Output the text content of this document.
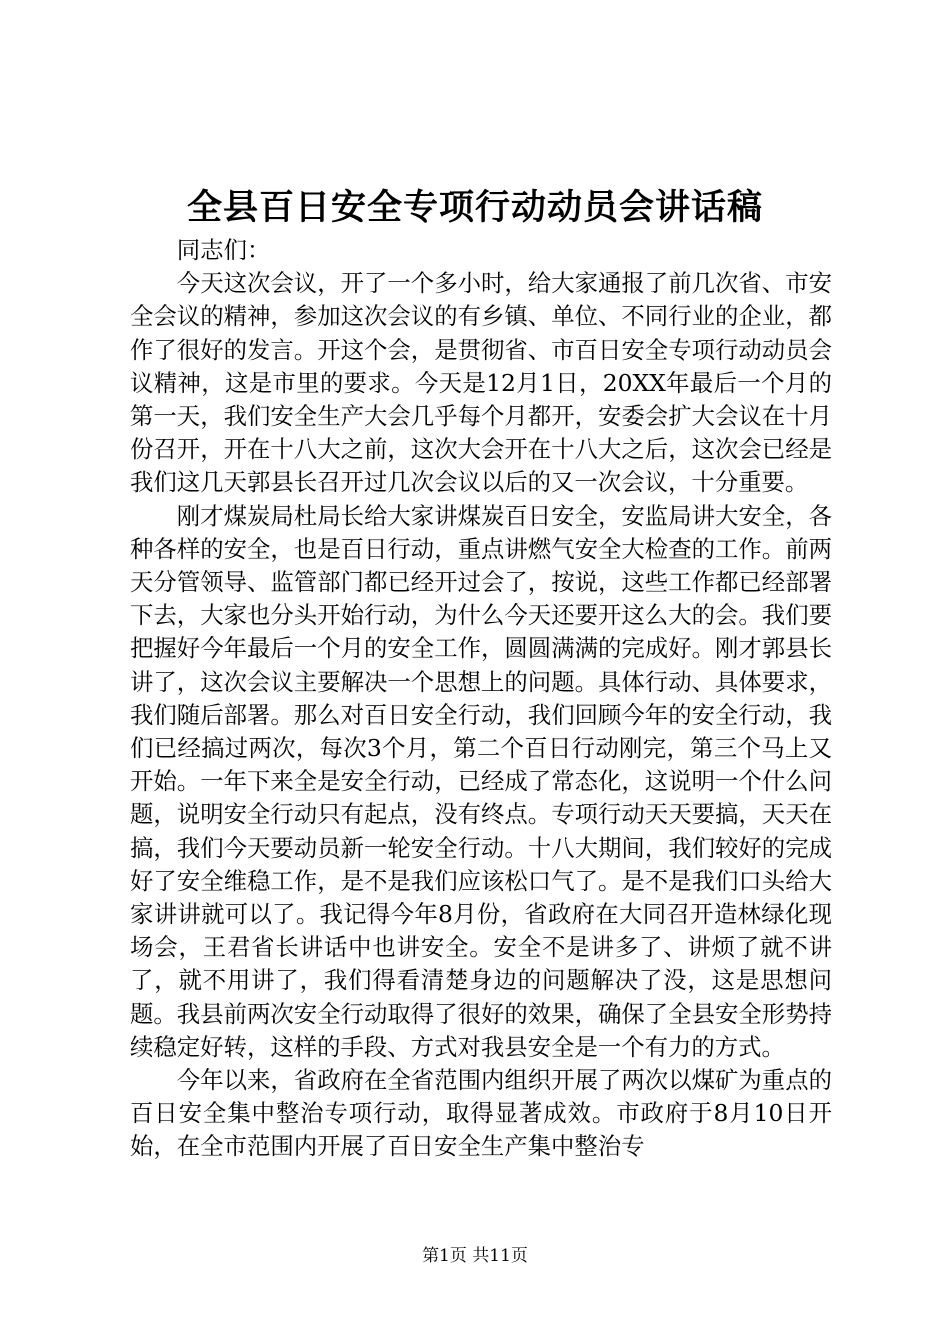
全县百日安全专项行动动员会讲话稿

同志们：

今天这次会议，开了一个多小时，给大家通报了前几次省、市安全会议的精神，参加这次会议的有乡镇、单位、不同行业的企业，都作了很好的发言。开这个会，是贯彻省、市百日安全专项行动动员会议精神，这是市里的要求。今天是12月1日，20XX年最后一个月的第一天，我们安全生产大会几乎每个月都开，安委会扩大会议在十月份召开，开在十八大之前，这次大会开在十八大之后，这次会已经是我们这几天郭县长召开过几次会议以后的又一次会议，十分重要。

刚才煤炭局杜局长给大家讲煤炭百日安全，安监局讲大安全，各种各样的安全，也是百日行动，重点讲燃气安全大检查的工作。前两天分管领导、监管部门都已经开过会了，按说，这些工作都已经部署下去，大家也分头开始行动，为什么今天还要开这么大的会。我们要把握好今年最后一个月的安全工作，圆圆满满的完成好。刚才郭县长讲了，这次会议主要解决一个思想上的问题。具体行动、具体要求，我们随后部署。那么对百日安全行动，我们回顾今年的安全行动，我们已经搞过两次，每次3个月，第二个百日行动刚完，第三个马上又开始。一年下来全是安全行动，已经成了常态化，这说明一个什么问题，说明安全行动只有起点，没有终点。专项行动天天要搞，天天在搞，我们今天要动员新一轮安全行动。十八大期间，我们较好的完成好了安全维稳工作，是不是我们应该松口气了。是不是我们口头给大家讲讲就可以了。我记得今年8月份，省政府在大同召开造林绿化现场会，王君省长讲话中也讲安全。安全不是讲多了、讲烦了就不讲了，就不用讲了，我们得看清楚身边的问题解决了没，这是思想问题。我县前两次安全行动取得了很好的效果，确保了全县安全形势持续稳定好转，这样的手段、方式对我县安全是一个有力的方式。

今年以来，省政府在全省范围内组织开展了两次以煤矿为重点的百日安全集中整治专项行动，取得显著成效。市政府于8月10日开始，在全市范围内开展了百日安全生产集中整治专

第1页 共11页
